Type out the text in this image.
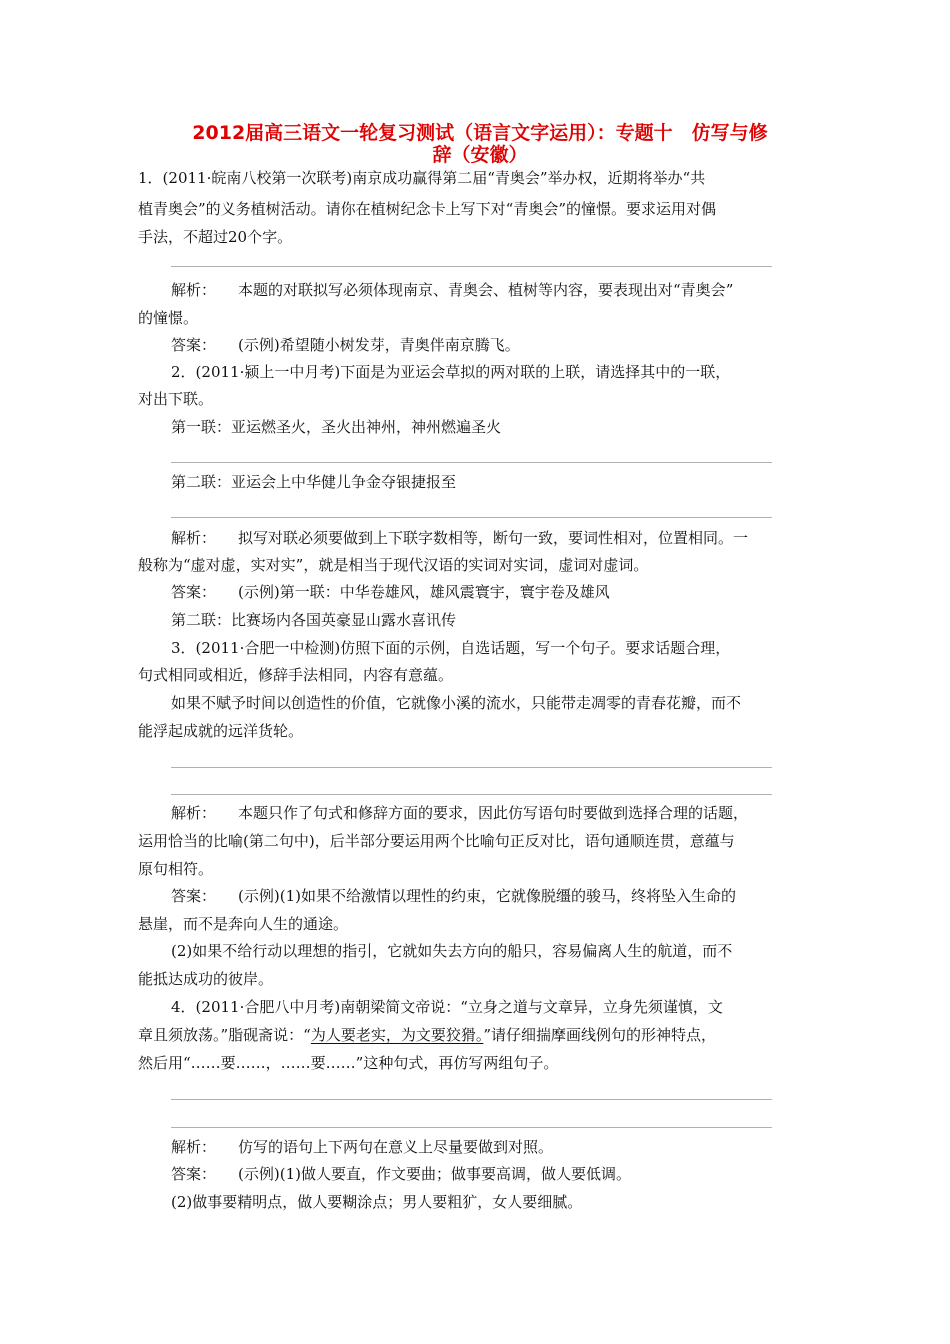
2012届高三语文一轮复习测试（语言文字运用）：专题十　仿写与修
辞（安徽）
1．(2011·皖南八校第一次联考)南京成功赢得第二届“青奥会”举办权，近期将举办“共
植青奥会”的义务植树活动。请你在植树纪念卡上写下对“青奥会”的憧憬。要求运用对偶
手法，不超过20个字。
解析： 本题的对联拟写必须体现南京、青奥会、植树等内容，要表现出对“青奥会”
的憧憬。
答案： (示例)希望随小树发芽，青奥伴南京腾飞。
2．(2011·颍上一中月考)下面是为亚运会草拟的两对联的上联，请选择其中的一联，
对出下联。
第一联：亚运燃圣火，圣火出神州，神州燃遍圣火
第二联：亚运会上中华健儿争金夺银捷报至
解析： 拟写对联必须要做到上下联字数相等，断句一致，要词性相对，位置相同。一
般称为“虚对虚，实对实”，就是相当于现代汉语的实词对实词，虚词对虚词。
答案： (示例)第一联：中华卷雄风，雄风震寰宇，寰宇卷及雄风
第二联：比赛场内各国英豪显山露水喜讯传
3．(2011·合肥一中检测)仿照下面的示例，自选话题，写一个句子。要求话题合理，
句式相同或相近，修辞手法相同，内容有意蕴。
如果不赋予时间以创造性的价值，它就像小溪的流水，只能带走凋零的青春花瓣，而不
能浮起成就的远洋货轮。
解析： 本题只作了句式和修辞方面的要求，因此仿写语句时要做到选择合理的话题，
运用恰当的比喻(第二句中)，后半部分要运用两个比喻句正反对比，语句通顺连贯，意蕴与
原句相符。
答案： (示例)(1)如果不给激情以理性的约束，它就像脱缰的骏马，终将坠入生命的
悬崖，而不是奔向人生的通途。
(2)如果不给行动以理想的指引，它就如失去方向的船只，容易偏离人生的航道，而不
能抵达成功的彼岸。
4．(2011·合肥八中月考)南朝梁简文帝说：“立身之道与文章异，立身先须谨慎，文
章且须放荡。”脂砚斋说：“为人要老实，为文要狡猾。”请仔细揣摩画线例句的形神特点，
然后用“……要……，……要……”这种句式，再仿写两组句子。
解析： 仿写的语句上下两句在意义上尽量要做到对照。
答案： (示例)(1)做人要直，作文要曲；做事要高调，做人要低调。
(2)做事要精明点，做人要糊涂点；男人要粗犷，女人要细腻。
